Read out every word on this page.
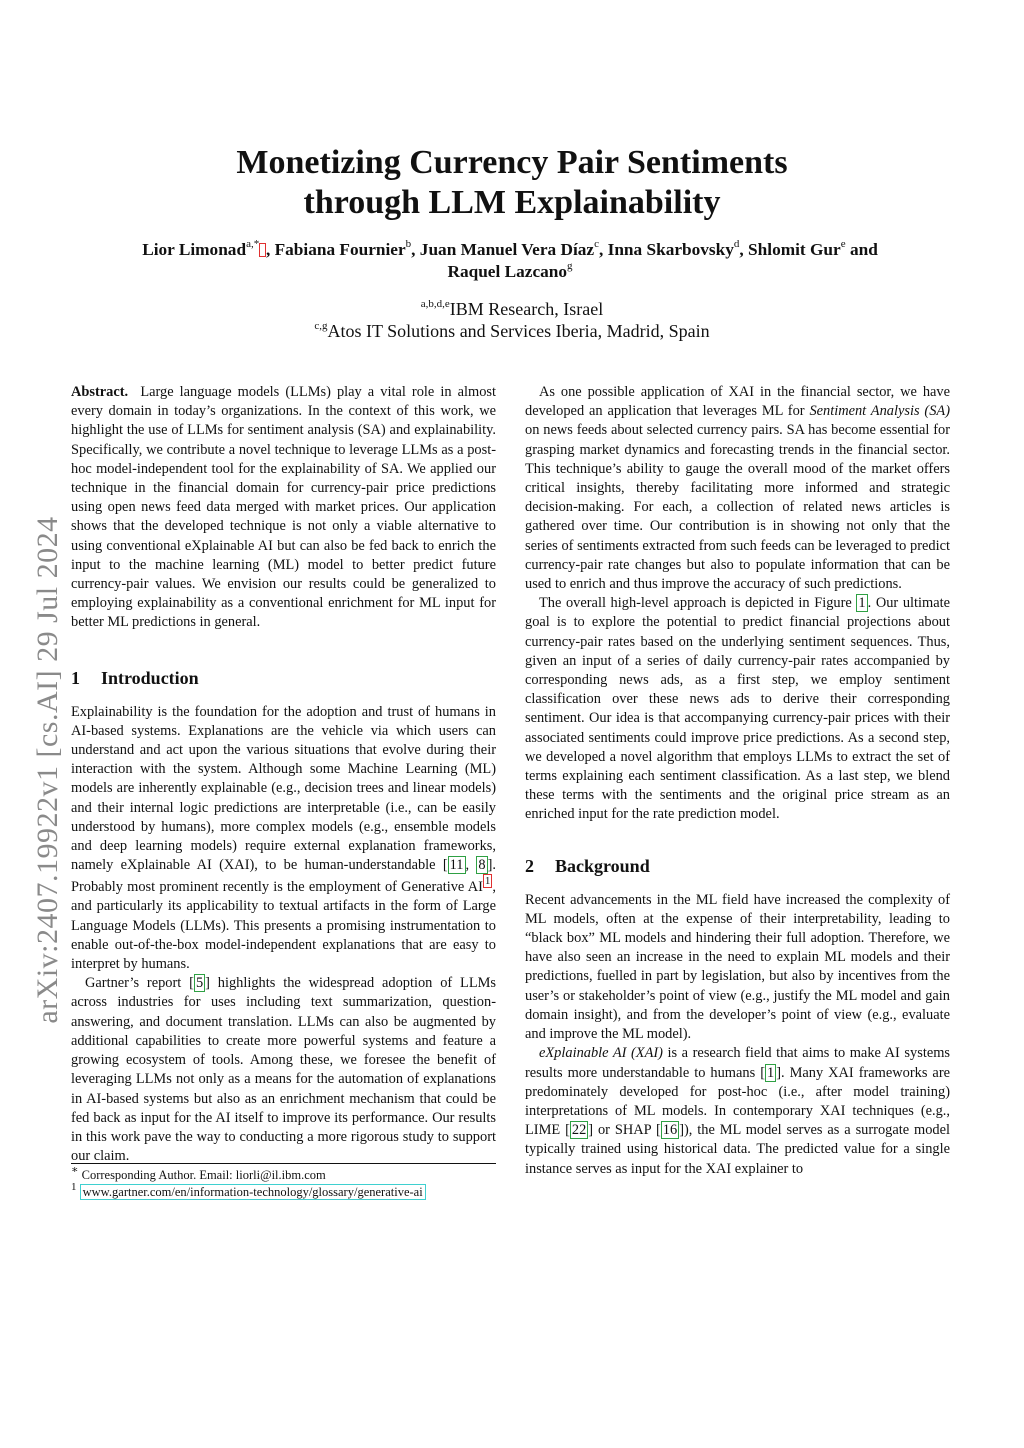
arXiv:2407.19922v1 [cs.AI] 29 Jul 2024
Monetizing Currency Pair Sentiments
through LLM Explainability
Lior Limonad$^{a,*}$ , Fabiana Fournier$^b$, Juan Manuel Vera Díaz$^c$, Inna Skarbovsky$^d$, Shlomit Gur$^e$ and
Raquel Lazcano$^g$
$^{a,b,d,e}$IBM Research, Israel
$^{c,g}$Atos IT Solutions and Services Iberia, Madrid, Spain

Abstract. Large language models (LLMs) play a vital role in almost every domain in today’s organizations. In the context of this work, we highlight the use of LLMs for sentiment analysis (SA) and explainability. Specifically, we contribute a novel technique to leverage LLMs as a post-hoc model-independent tool for the explainability of SA. We applied our technique in the financial domain for currency-pair price predictions using open news feed data merged with market prices. Our application shows that the developed technique is not only a viable alternative to using conventional eXplainable AI but can also be fed back to enrich the input to the machine learning (ML) model to better predict future currency-pair values. We envision our results could be generalized to employing explainability as a conventional enrichment for ML input for better ML predictions in general.

1 Introduction

Explainability is the foundation for the adoption and trust of humans in AI-based systems. Explanations are the vehicle via which users can understand and act upon the various situations that evolve during their interaction with the system. Although some Machine Learning (ML) models are inherently explainable (e.g., decision trees and linear models) and their internal logic predictions are interpretable (i.e., can be easily understood by humans), more complex models (e.g., ensemble models and deep learning models) require external explanation frameworks, namely eXplainable AI (XAI), to be human-understandable [ 11 , 8 ]. Probably most prominent recently is the employment of Generative AI $^1$ , and particularly its applicability to textual artifacts in the form of Large Language Models (LLMs). This presents a promising instrumentation to enable out-of-the-box model-independent explanations that are easy to interpret by humans.

Gartner’s report [ 5 ] highlights the widespread adoption of LLMs across industries for uses including text summarization, question-answering, and document translation. LLMs can also be augmented by additional capabilities to create more powerful systems and feature a growing ecosystem of tools. Among these, we foresee the benefit of leveraging LLMs not only as a means for the automation of explanations in AI-based systems but also as an enrichment mechanism that could be fed back as input for the AI itself to improve its performance. Our results in this work pave the way to conducting a more rigorous study to support our claim.

∗ Corresponding Author. Email: liorli@il.ibm.com
$^1$ www.gartner.com/en/information-technology/glossary/generative-ai

As one possible application of XAI in the financial sector, we have developed an application that leverages ML for Sentiment Analysis (SA) on news feeds about selected currency pairs. SA has become essential for grasping market dynamics and forecasting trends in the financial sector. This technique’s ability to gauge the overall mood of the market offers critical insights, thereby facilitating more informed and strategic decision-making. For each, a collection of related news articles is gathered over time. Our contribution is in showing not only that the series of sentiments extracted from such feeds can be leveraged to predict currency-pair rate changes but also to populate information that can be used to enrich and thus improve the accuracy of such predictions.

The overall high-level approach is depicted in Figure 1 . Our ultimate goal is to explore the potential to predict financial projections about currency-pair rates based on the underlying sentiment sequences. Thus, given an input of a series of daily currency-pair rates accompanied by corresponding news ads, as a first step, we employ sentiment classification over these news ads to derive their corresponding sentiment. Our idea is that accompanying currency-pair prices with their associated sentiments could improve price predictions. As a second step, we developed a novel algorithm that employs LLMs to extract the set of terms explaining each sentiment classification. As a last step, we blend these terms with the sentiments and the original price stream as an enriched input for the rate prediction model.

2 Background

Recent advancements in the ML field have increased the complexity of ML models, often at the expense of their interpretability, leading to “black box” ML models and hindering their full adoption. Therefore, we have also seen an increase in the need to explain ML models and their predictions, fuelled in part by legislation, but also by incentives from the user’s or stakeholder’s point of view (e.g., justify the ML model and gain domain insight), and from the developer’s point of view (e.g., evaluate and improve the ML model).

eXplainable AI (XAI) is a research field that aims to make AI systems results more understandable to humans [ 1 ]. Many XAI frameworks are predominately developed for post-hoc (i.e., after model training) interpretations of ML models. In contemporary XAI techniques (e.g., LIME [ 22 ] or SHAP [ 16 ]), the ML model serves as a surrogate model typically trained using historical data. The predicted value for a single instance serves as input for the XAI explainer to
